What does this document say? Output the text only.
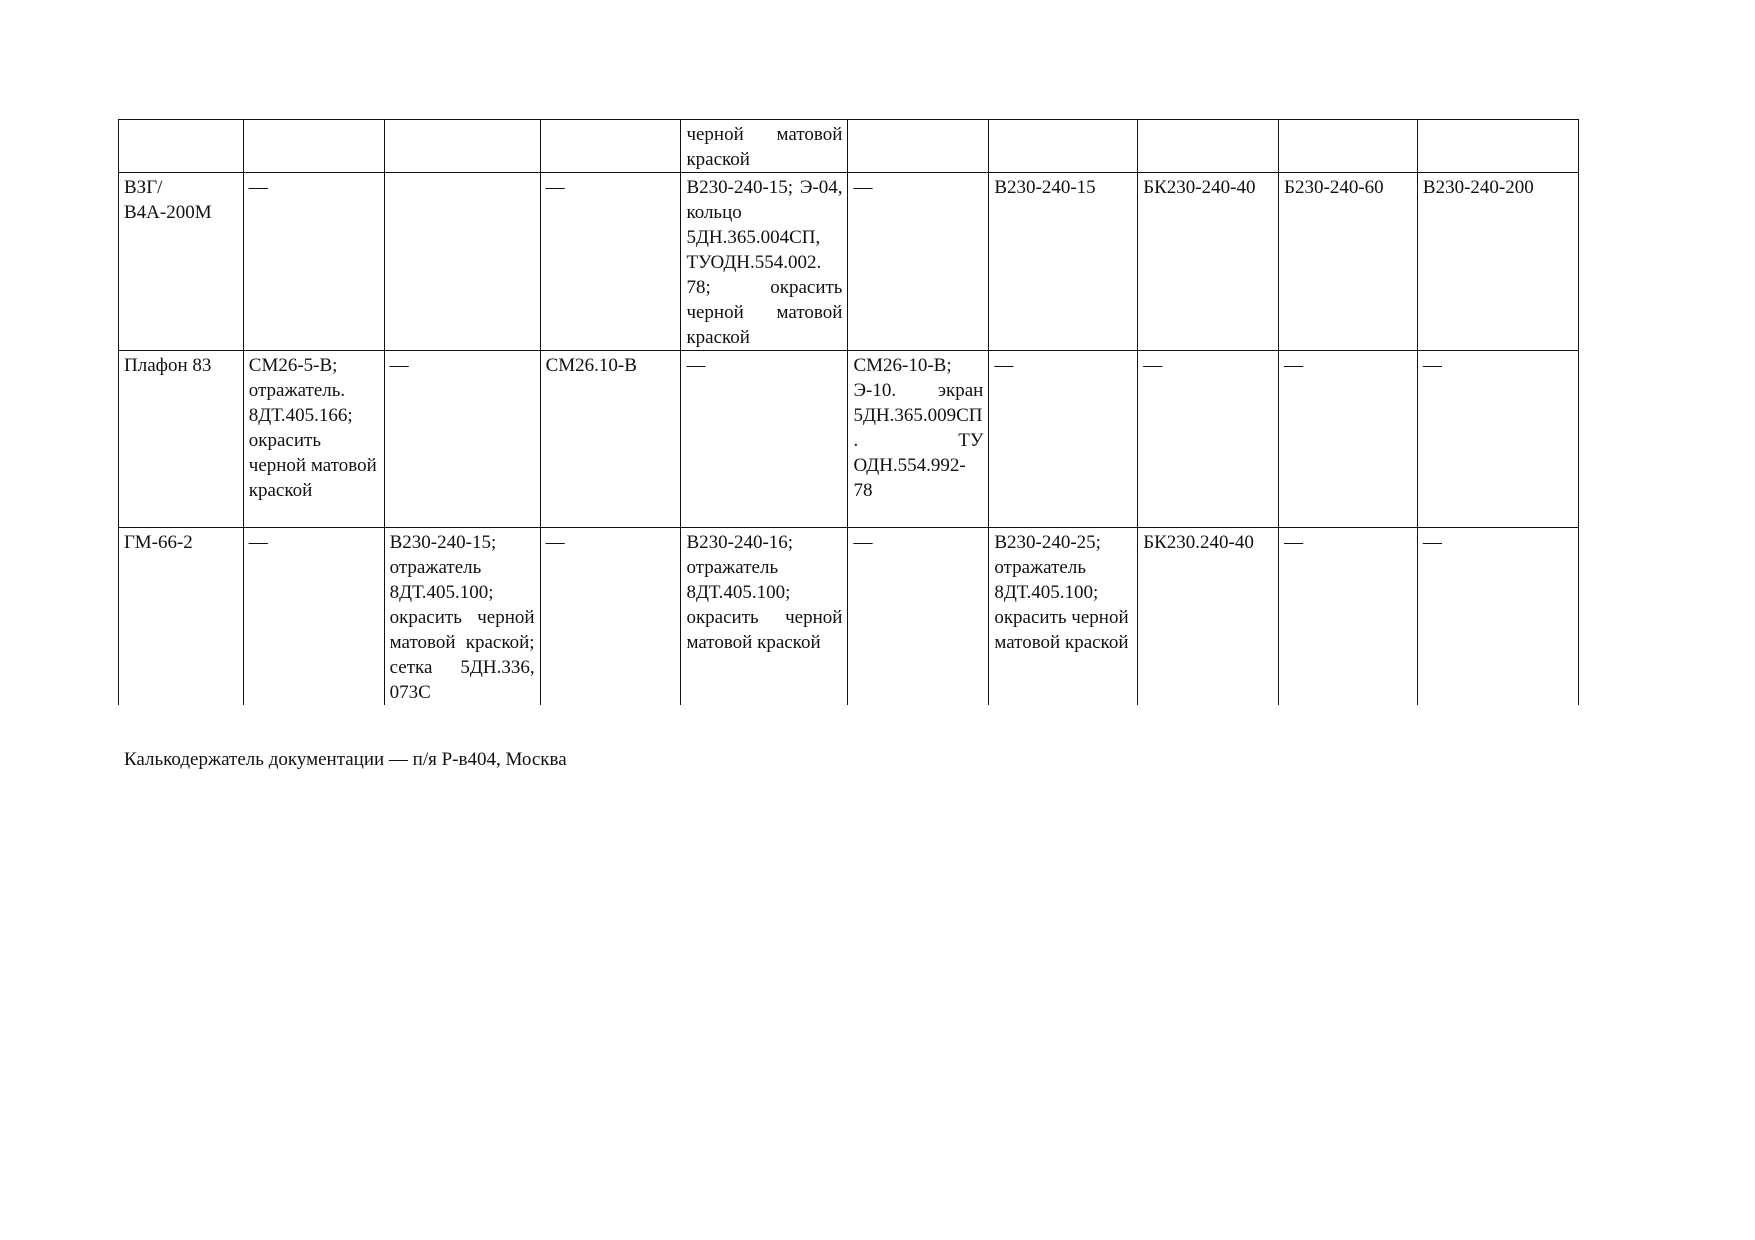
				черной матовой краской					
ВЗГ/В4А-200М	—		—	В230-240-15; Э-04, кольцо 5ДН.365.004СП, ТУОДН.554.002. 78; окрасить черной матовой краской	—	В230-240-15	БК230-240-40	Б230-240-60	В230-240-200
Плафон 83	СМ26-5-В; отражатель. 8ДТ.405.166; окрасить черной матовой краской	—	СМ26.10-В	—	СМ26-10-В; Э-10. экран 5ДН.365.009СП. ТУ ОДН.554.992-78	—	—	—	—
ГМ-66-2	—	В230-240-15; отражатель 8ДТ.405.100; окрасить черной матовой краской; сетка 5ДН.336, 073С	—	В230-240-16; отражатель 8ДТ.405.100; окрасить черной матовой краской	—	В230-240-25; отражатель 8ДТ.405.100; окрасить черной матовой краской	БК230.240-40	—	—
Калькодержатель документации — п/я Р-в404, Москва
